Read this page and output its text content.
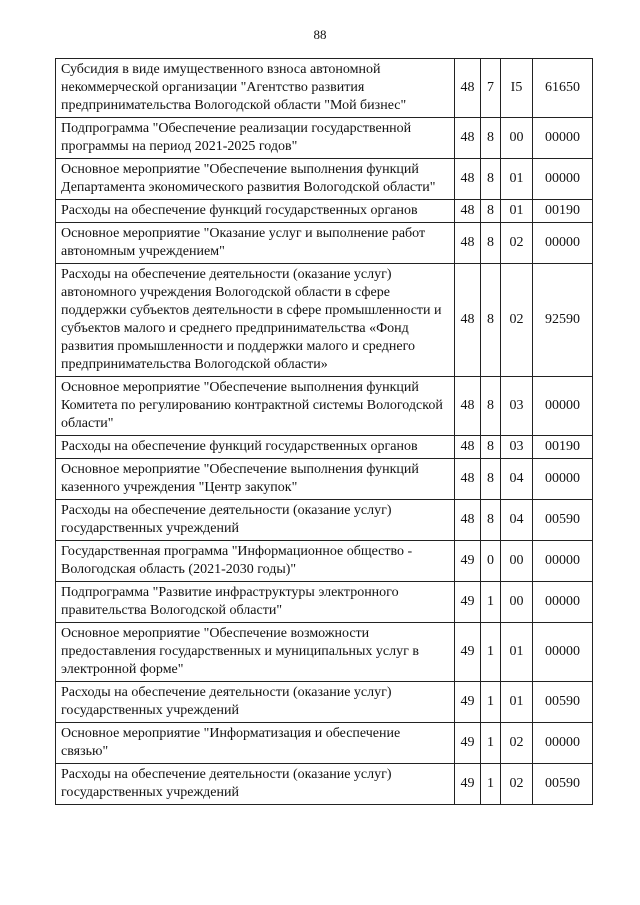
88
Субсидия в виде имущественного взноса автономной некоммерческой организации "Агентство развития предпринимательства Вологодской области "Мой бизнес"	48	7	I5	61650
Подпрограмма "Обеспечение реализации государственной программы на период 2021-2025 годов"	48	8	00	00000
Основное мероприятие "Обеспечение выполнения функций Департамента экономического развития Вологодской области"	48	8	01	00000
Расходы на обеспечение функций государственных органов	48	8	01	00190
Основное мероприятие "Оказание услуг и выполнение работ автономным учреждением"	48	8	02	00000
Расходы на обеспечение деятельности (оказание услуг) автономного учреждения Вологодской области в сфере поддержки субъектов деятельности в сфере промышленности и субъектов малого и среднего предпринимательства «Фонд развития промышленности и поддержки малого и среднего предпринимательства Вологодской области»	48	8	02	92590
Основное мероприятие "Обеспечение выполнения функций Комитета по регулированию контрактной системы Вологодской области"	48	8	03	00000
Расходы на обеспечение функций государственных органов	48	8	03	00190
Основное мероприятие "Обеспечение выполнения функций казенного учреждения "Центр закупок"	48	8	04	00000
Расходы на обеспечение деятельности (оказание услуг) государственных учреждений	48	8	04	00590
Государственная программа "Информационное общество - Вологодская область (2021-2030 годы)"	49	0	00	00000
Подпрограмма "Развитие инфраструктуры электронного правительства Вологодской области"	49	1	00	00000
Основное мероприятие "Обеспечение возможности предоставления государственных и муниципальных услуг в электронной форме"	49	1	01	00000
Расходы на обеспечение деятельности (оказание услуг) государственных учреждений	49	1	01	00590
Основное мероприятие "Информатизация и обеспечение связью"	49	1	02	00000
Расходы на обеспечение деятельности (оказание услуг) государственных учреждений	49	1	02	00590
